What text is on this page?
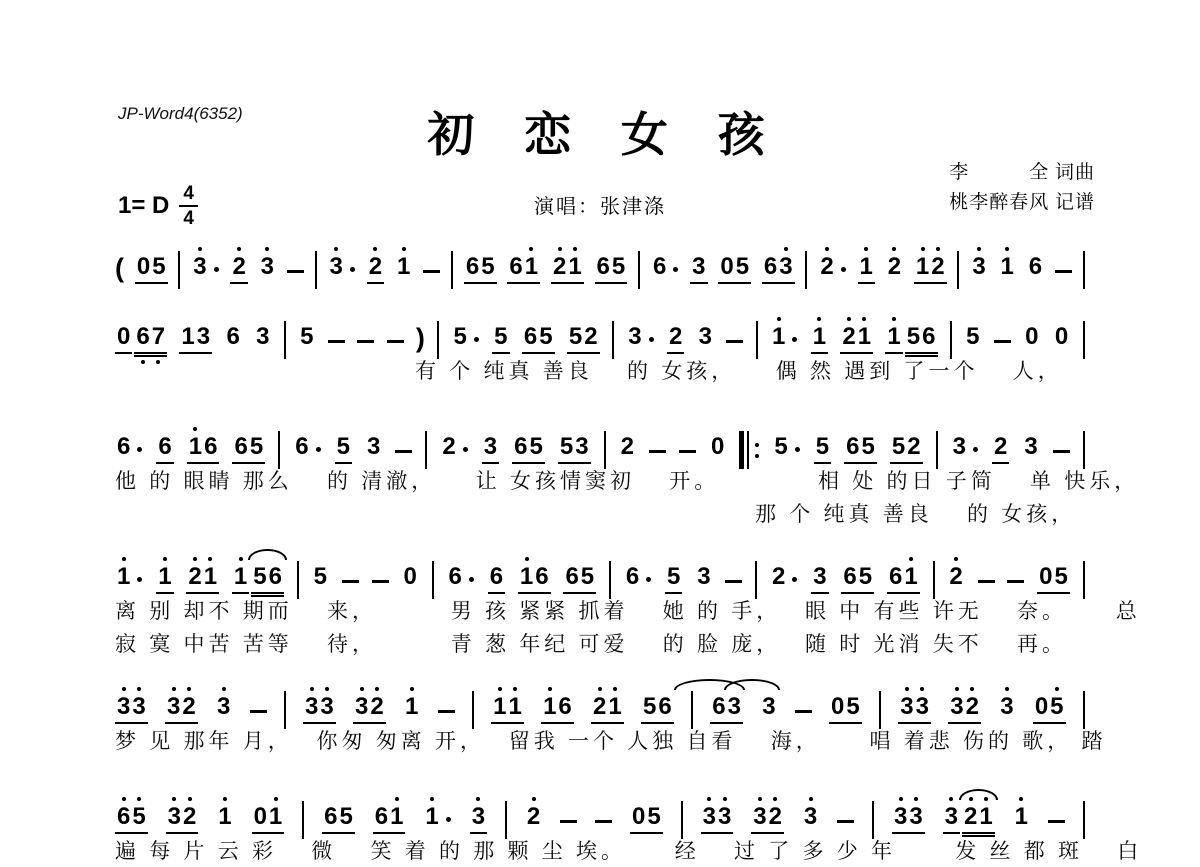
JP-Word4(6352)	初 恋 女 孩
1= D $\frac{4}{4}$	演唱：张津涤
李　　　全 词曲
桃李醉春风 记谱
( 0 5 3 2 3 3 2 1 6 5 6 1 2 1 6 5 6 3 0 5 6 3 2 1 2 1 2 3 1 6
0 6 7 1 3 6 3 5	) 5 5 6 5 5 2 3 2 3 1 1 2 1 1 5 6 5 0 0
有 个 纯真 善良　 的 女孩，　　偶 然 遇到 了一个　 人，
6 6 1 6 6 5 6 5 3	2 3 6 5 5 3 2	0 5 5 6 5 5 2 3 2 3
他 的 眼睛 那么　 的 清澈，　　让 女孩情窦初　 开。　　　　 相 处 的日 子简　 单 快乐，
那 个 纯真 善良　 的 女孩，
1 1 2 1 1 5 6 5	0 6 6 1 6 6 5 6 5 3	2 3 6 5 6 1 2	0 5
离 别 却不 期而　 来，　　　 男 孩 紧紧 抓着　 她 的 手，　 眼 中 有些 许无　 奈。　　 总
寂 寞 中苦 苦等　 待，　　　 青 葱 年纪 可爱　 的 脸 庞，　 随 时 光消 失不　 再。
3 3 3 2 3	3 3 3 2 1	1 1 1 6 2 1 5 6 6 3 3 0 5 3 3 3 2 3 0 5
梦 见 那年 月，　 你匆 匆离 开，　 留我 一个 人独 自看　 海，　　 唱 着悲 伤的 歌， 踏
6 5 3 2 1 0 1 6 5 6 1 1 3 2	0 5 3 3 3 2 3	3 3 3 2 1 1
遍 每 片 云 彩　 微　 笑 着 的 那 颗 尘 埃。　　 经　 过 了 多 少 年　　 发 丝 都 斑　 白
